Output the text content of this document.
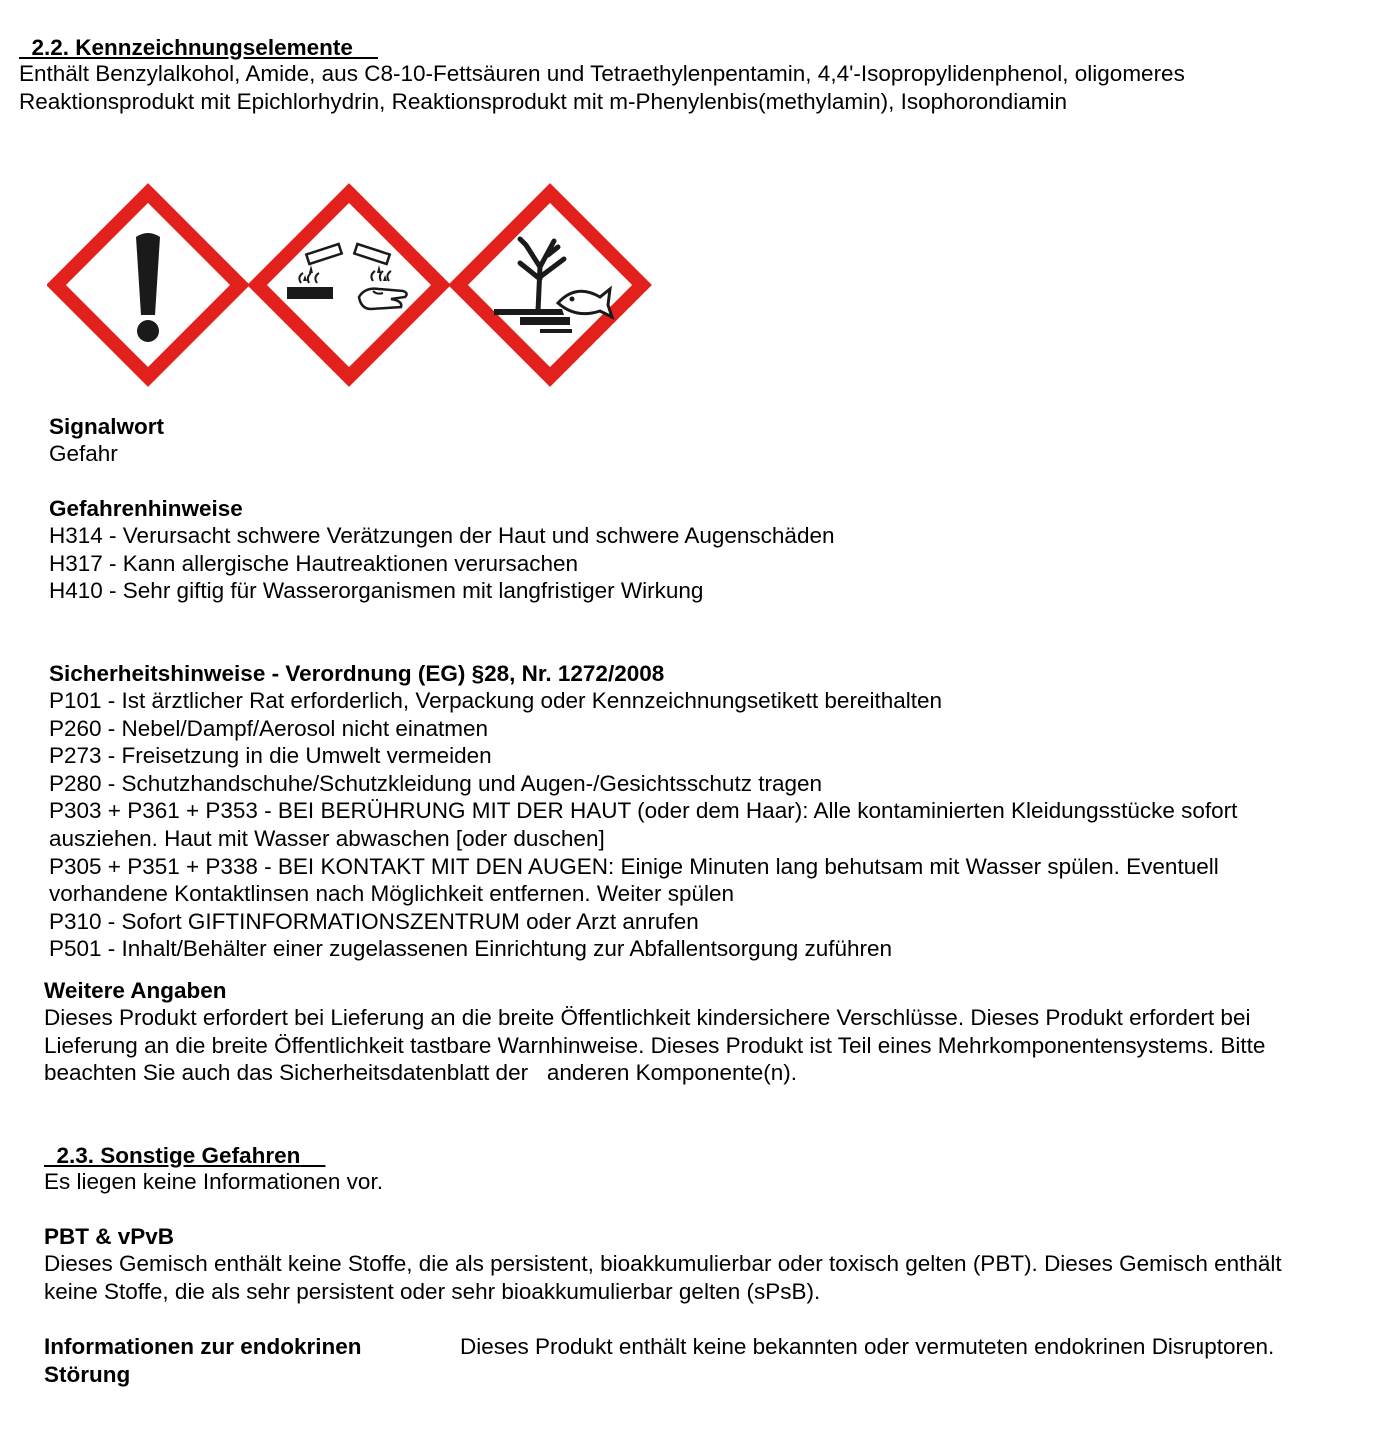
2.2. Kennzeichnungselemente

Enthält Benzylalkohol, Amide, aus C8-10-Fettsäuren und Tetraethylenpentamin, 4,4'-Isopropylidenphenol, oligomeres
Reaktionsprodukt mit Epichlorhydrin, Reaktionsprodukt mit m-Phenylenbis(methylamin), Isophorondiamin
Signalwort
Gefahr
Gefahrenhinweise
H314 - Verursacht schwere Verätzungen der Haut und schwere Augenschäden
H317 - Kann allergische Hautreaktionen verursachen
H410 - Sehr giftig für Wasserorganismen mit langfristiger Wirkung
Sicherheitshinweise - Verordnung (EG) §28, Nr. 1272/2008
P101 - Ist ärztlicher Rat erforderlich, Verpackung oder Kennzeichnungsetikett bereithalten
P260 - Nebel/Dampf/Aerosol nicht einatmen
P273 - Freisetzung in die Umwelt vermeiden
P280 - Schutzhandschuhe/Schutzkleidung und Augen-/Gesichtsschutz tragen
P303 + P361 + P353 - BEI BERÜHRUNG MIT DER HAUT (oder dem Haar): Alle kontaminierten Kleidungsstücke sofort
ausziehen. Haut mit Wasser abwaschen [oder duschen]
P305 + P351 + P338 - BEI KONTAKT MIT DEN AUGEN: Einige Minuten lang behutsam mit Wasser spülen. Eventuell
vorhandene Kontaktlinsen nach Möglichkeit entfernen. Weiter spülen
P310 - Sofort GIFTINFORMATIONSZENTRUM oder Arzt anrufen
P501 - Inhalt/Behälter einer zugelassenen Einrichtung zur Abfallentsorgung zuführen
Weitere Angaben
Dieses Produkt erfordert bei Lieferung an die breite Öffentlichkeit kindersichere Verschlüsse. Dieses Produkt erfordert bei
Lieferung an die breite Öffentlichkeit tastbare Warnhinweise. Dieses Produkt ist Teil eines Mehrkomponentensystems. Bitte
beachten Sie auch das Sicherheitsdatenblatt der   anderen Komponente(n).

2.3. Sonstige Gefahren

Es liegen keine Informationen vor.
PBT & vPvB
Dieses Gemisch enthält keine Stoffe, die als persistent, bioakkumulierbar oder toxisch gelten (PBT). Dieses Gemisch enthält
keine Stoffe, die als sehr persistent oder sehr bioakkumulierbar gelten (sPsB).
Informationen zur endokrinen
Störung
Dieses Produkt enthält keine bekannten oder vermuteten endokrinen Disruptoren.
